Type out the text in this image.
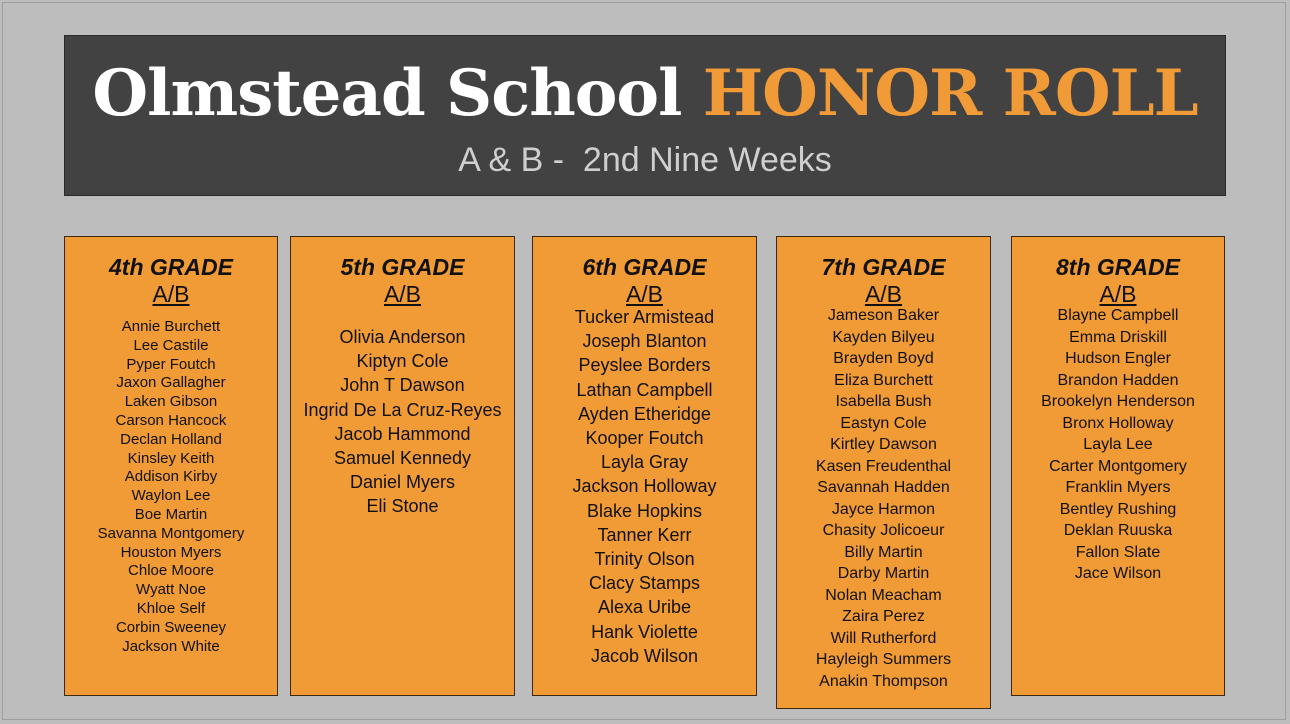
Olmstead School HONOR ROLL
A & B -  2nd Nine Weeks
4th GRADE
A/B
Annie Burchett
Lee Castile
Pyper Foutch
Jaxon Gallagher
Laken Gibson
Carson Hancock
Declan Holland
Kinsley Keith
Addison Kirby
Waylon Lee
Boe Martin
Savanna Montgomery
Houston Myers
Chloe Moore
Wyatt Noe
Khloe Self
Corbin Sweeney
Jackson White
5th GRADE
A/B
Olivia Anderson
Kiptyn Cole
John T Dawson
Ingrid De La Cruz-Reyes
Jacob Hammond
Samuel Kennedy
Daniel Myers
Eli Stone
6th GRADE
A/B
Tucker Armistead
Joseph Blanton
Peyslee Borders
Lathan Campbell
Ayden Etheridge
Kooper Foutch
Layla Gray
Jackson Holloway
Blake Hopkins
Tanner Kerr
Trinity Olson
Clacy Stamps
Alexa Uribe
Hank Violette
Jacob Wilson
7th GRADE
A/B
Jameson Baker
Kayden Bilyeu
Brayden Boyd
Eliza Burchett
Isabella Bush
Eastyn Cole
Kirtley Dawson
Kasen Freudenthal
Savannah Hadden
Jayce Harmon
Chasity Jolicoeur
Billy Martin
Darby Martin
Nolan Meacham
Zaira Perez
Will Rutherford
Hayleigh Summers
Anakin Thompson
8th GRADE
A/B
Blayne Campbell
Emma Driskill
Hudson Engler
Brandon Hadden
Brookelyn Henderson
Bronx Holloway
Layla Lee
Carter Montgomery
Franklin Myers
Bentley Rushing
Deklan Ruuska
Fallon Slate
Jace Wilson
